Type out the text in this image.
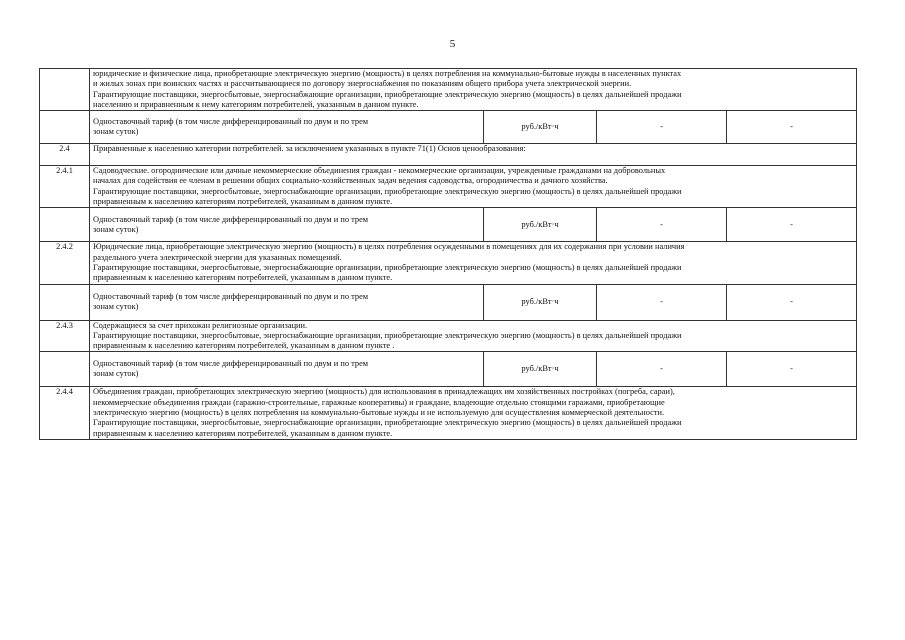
5

	юридические и физические лица, приобретающие электрическую энергию (мощность) в целях потребления на коммунально-бытовые нужды в населенных пунктах
и жилых зонах при воинских частях и рассчитывающиеся по договору энергоснабжения по показаниям общего прибора учета электрической энергии.
Гарантирующие поставщики, энергосбытовые, энергоснабжающие организации, приобретающие электрическую энергию (мощность) в целях дальнейшей продажи
населению и приравненным к нему категориям потребителей, указанным в данном пункте.			

	Одноставочный тариф (в том числе дифференцированный по двум и по трем
зонам суток)	руб./кВт·ч	-	-
2.4	Приравненные к населению категории потребителей. за исключением указанных в пункте 71(1) Основ ценообразования:			

2.4.1	Садоводческие. огороднические или дачные некоммерческие объединения граждан - некоммерческие организации, учрежденные гражданами на добровольных
началах для содействия ее членам в решении общих социально-хозяйственных задач ведения садоводства, огородничества и дачного хозяйства.
Гарантирующие поставщики, энергосбытовые, энергоснабжающие организации, приобретающие электрическую энергию (мощность) в целях дальнейшей продажи
приравненным к населению категориям потребителей, указанным в данном пункте.			

	Одноставочный тариф (в том числе дифференцированный по двум и по трем
зонам суток)	руб./кВт·ч	-	-
2.4.2	Юридические лица, приобретающие электрическую энергию (мощность) в целях потребления осужденными в помещениях для их содержания при условии наличия
раздельного учета электрической энергии для указанных помещений.
Гарантирующие поставщики, энергосбытовые, энергоснабжающие организации, приобретающие электрическую энергию (мощность) в целях дальнейшей продажи
приравненным к населению категориям потребителей, указанным в данном пункте.			

	Одноставочный тариф (в том числе дифференцированный по двум и по трем
зонам суток)	руб./кВт·ч	-	-
2.4.3	Содержащиеся за счет прихожан религиозные организации.
Гарантирующие поставщики, энергосбытовые, энергоснабжающие организации, приобретающие электрическую энергию (мощность) в целях дальнейшей продажи
приравненным к населению категориям потребителей, указанным в данном пункте .			

	Одноставочный тариф (в том числе дифференцированный по двум и по трем
зонам суток)	руб./кВт·ч	-	-
2.4.4	Объединения граждан, приобретающих электрическую энергию (мощность) для использования в принадлежащих им хозяйственных постройках (погреба, сараи),
некоммерческие объединения граждан (гаражно-строительные, гаражные кооперативы) и граждане, владеющие отдельно стоящими гаражами, приобретающие
электрическую энергию (мощность) в целях потребления на коммунально-бытовые нужды и не используемую для осуществления коммерческой деятельности.
Гарантирующие поставщики, энергосбытовые, энергоснабжающие организации, приобретающие электрическую энергию (мощность) в целях дальнейшей продажи
приравненным к населению категориям потребителей, указанным в данном пункте.			
